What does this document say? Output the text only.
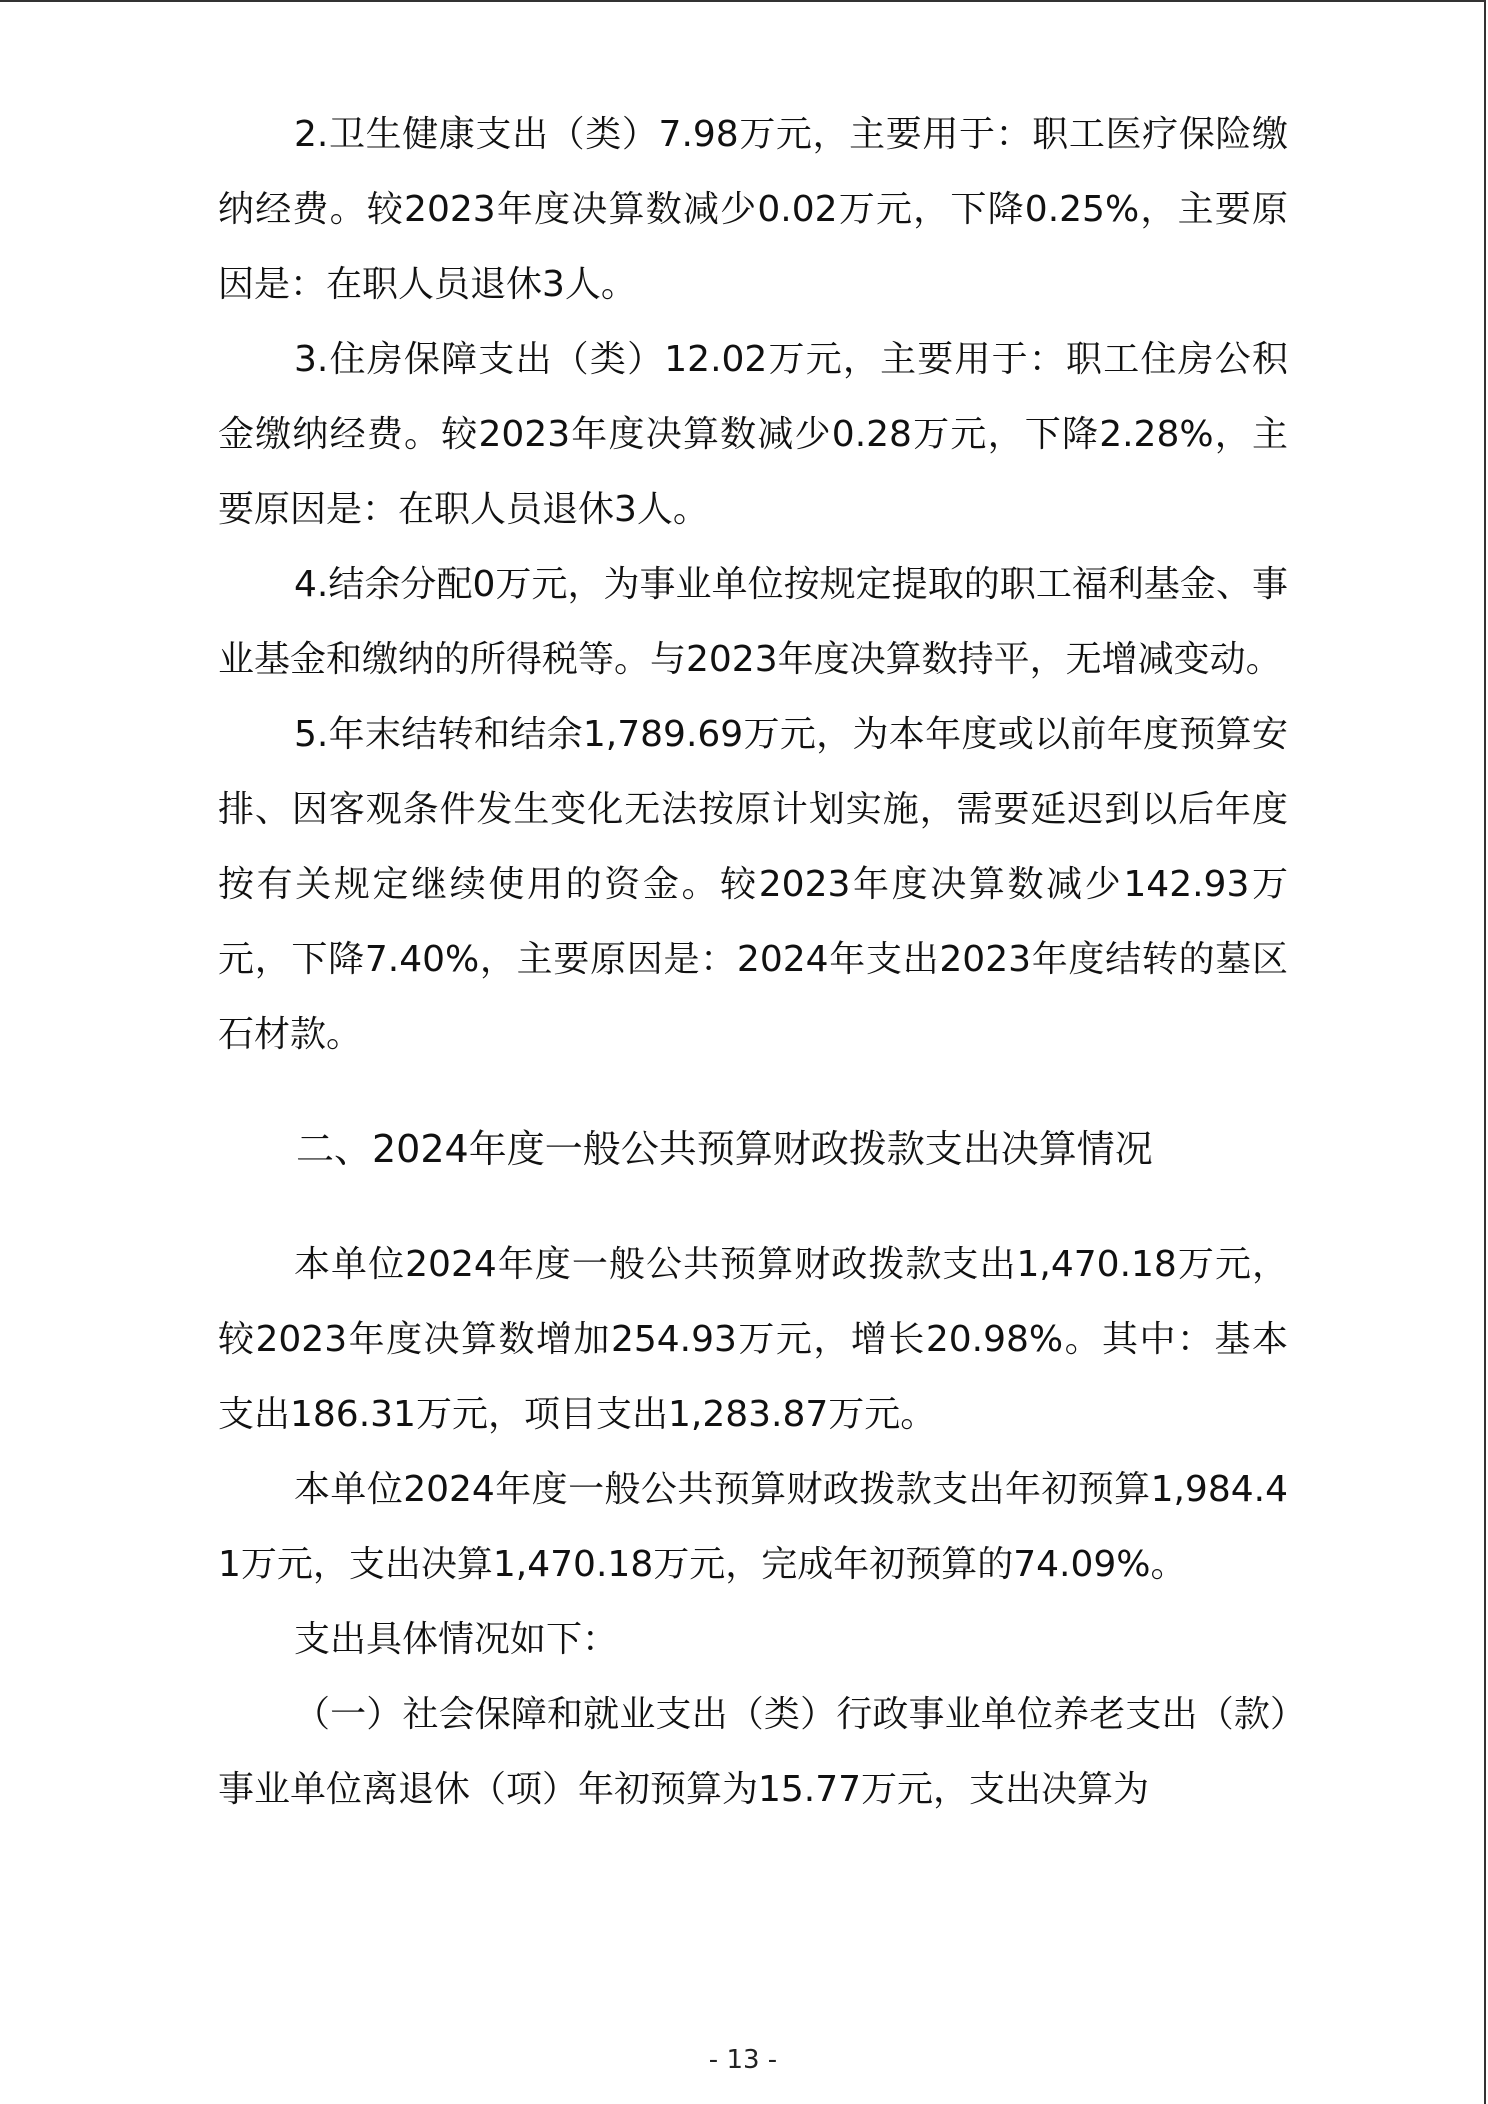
2.卫生健康支出（类）7.98万元，主要用于：职工医疗保险缴纳经费。较2023年度决算数减少0.02万元，下降0.25%，主要原因是：在职人员退休3人。

3.住房保障支出（类）12.02万元，主要用于：职工住房公积金缴纳经费。较2023年度决算数减少0.28万元，下降2.28%，主要原因是：在职人员退休3人。

4.结余分配0万元，为事业单位按规定提取的职工福利基金、事业基金和缴纳的所得税等。与2023年度决算数持平，无增减变动。

5.年末结转和结余1,789.69万元，为本年度或以前年度预算安排、因客观条件发生变化无法按原计划实施，需要延迟到以后年度按有关规定继续使用的资金。较2023年度决算数减少142.93万元，下降7.40%，主要原因是：2024年支出2023年度结转的墓区石材款。

二、2024年度一般公共预算财政拨款支出决算情况

本单位2024年度一般公共预算财政拨款支出1,470.18万元，较2023年度决算数增加254.93万元，增长20.98%。其中：基本支出186.31万元，项目支出1,283.87万元。

本单位2024年度一般公共预算财政拨款支出年初预算1,984.41万元，支出决算1,470.18万元，完成年初预算的74.09%。

支出具体情况如下：

（一）社会保障和就业支出（类）行政事业单位养老支出（款）事业单位离退休（项）年初预算为15.77万元，支出决算为

- 13 -
